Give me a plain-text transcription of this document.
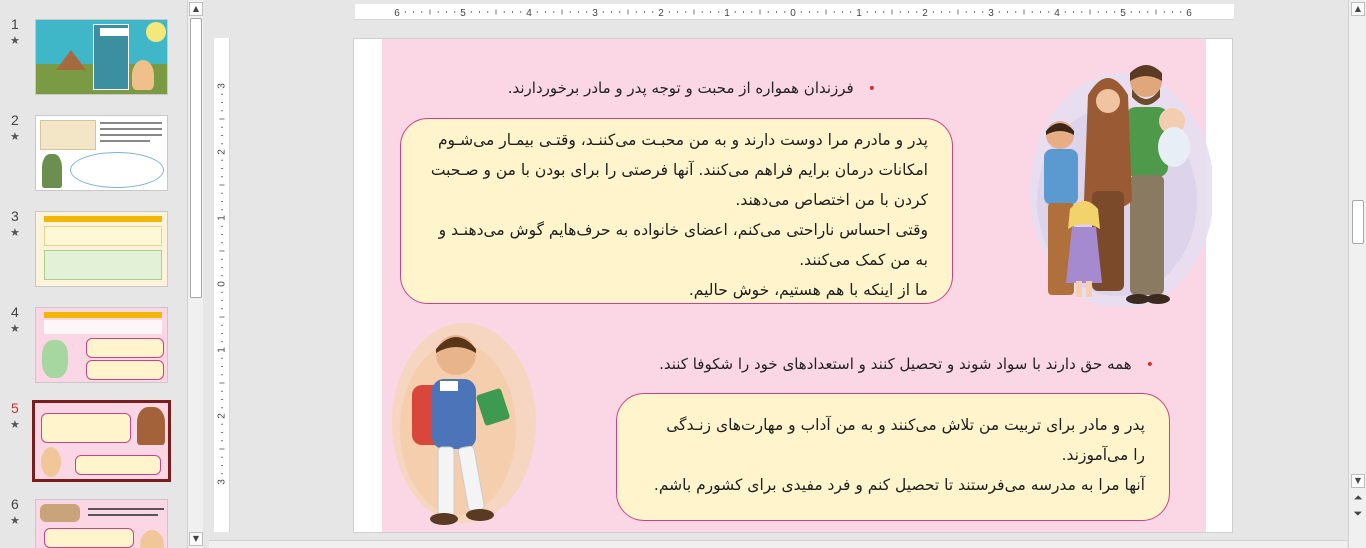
1
★
2
★
3
★
4
★
5
★
6
★
▲
▼
6	5	4	3	2	1	0	1	2	3	4	5	6
3
2
1
0
1
2
3
•فرزندان همواره از محبت و توجه پدر و مادر برخوردارند.

پدر و مادرم مرا دوست دارند و به من محبـت می‌کننـد، وقتـی بیمـار می‌شـوم

امکانات درمان برایم فراهم می‌کنند. آنها فرصتی را برای بودن با من و صـحبت

کردن با من اختصاص می‌دهند.

وقتی احساس ناراحتی می‌کنم، اعضای خانواده به حرف‌هایم گوش می‌دهنـد و

به من کمک می‌کنند.

ما از اینکه با هم هستیم، خوش حالیم.

•همه حق دارند با سواد شوند و تحصیل کنند و استعدادهای خود را شکوفا کنند.

پدر و مادر برای تربیت من تلاش می‌کنند و به من آداب و مهارت‌های زنـدگی

را می‌آموزند.

آنها مرا به مدرسه می‌فرستند تا تحصیل کنم و فرد مفیدی برای کشورم باشم.

▲
▼
⏶
⏷
